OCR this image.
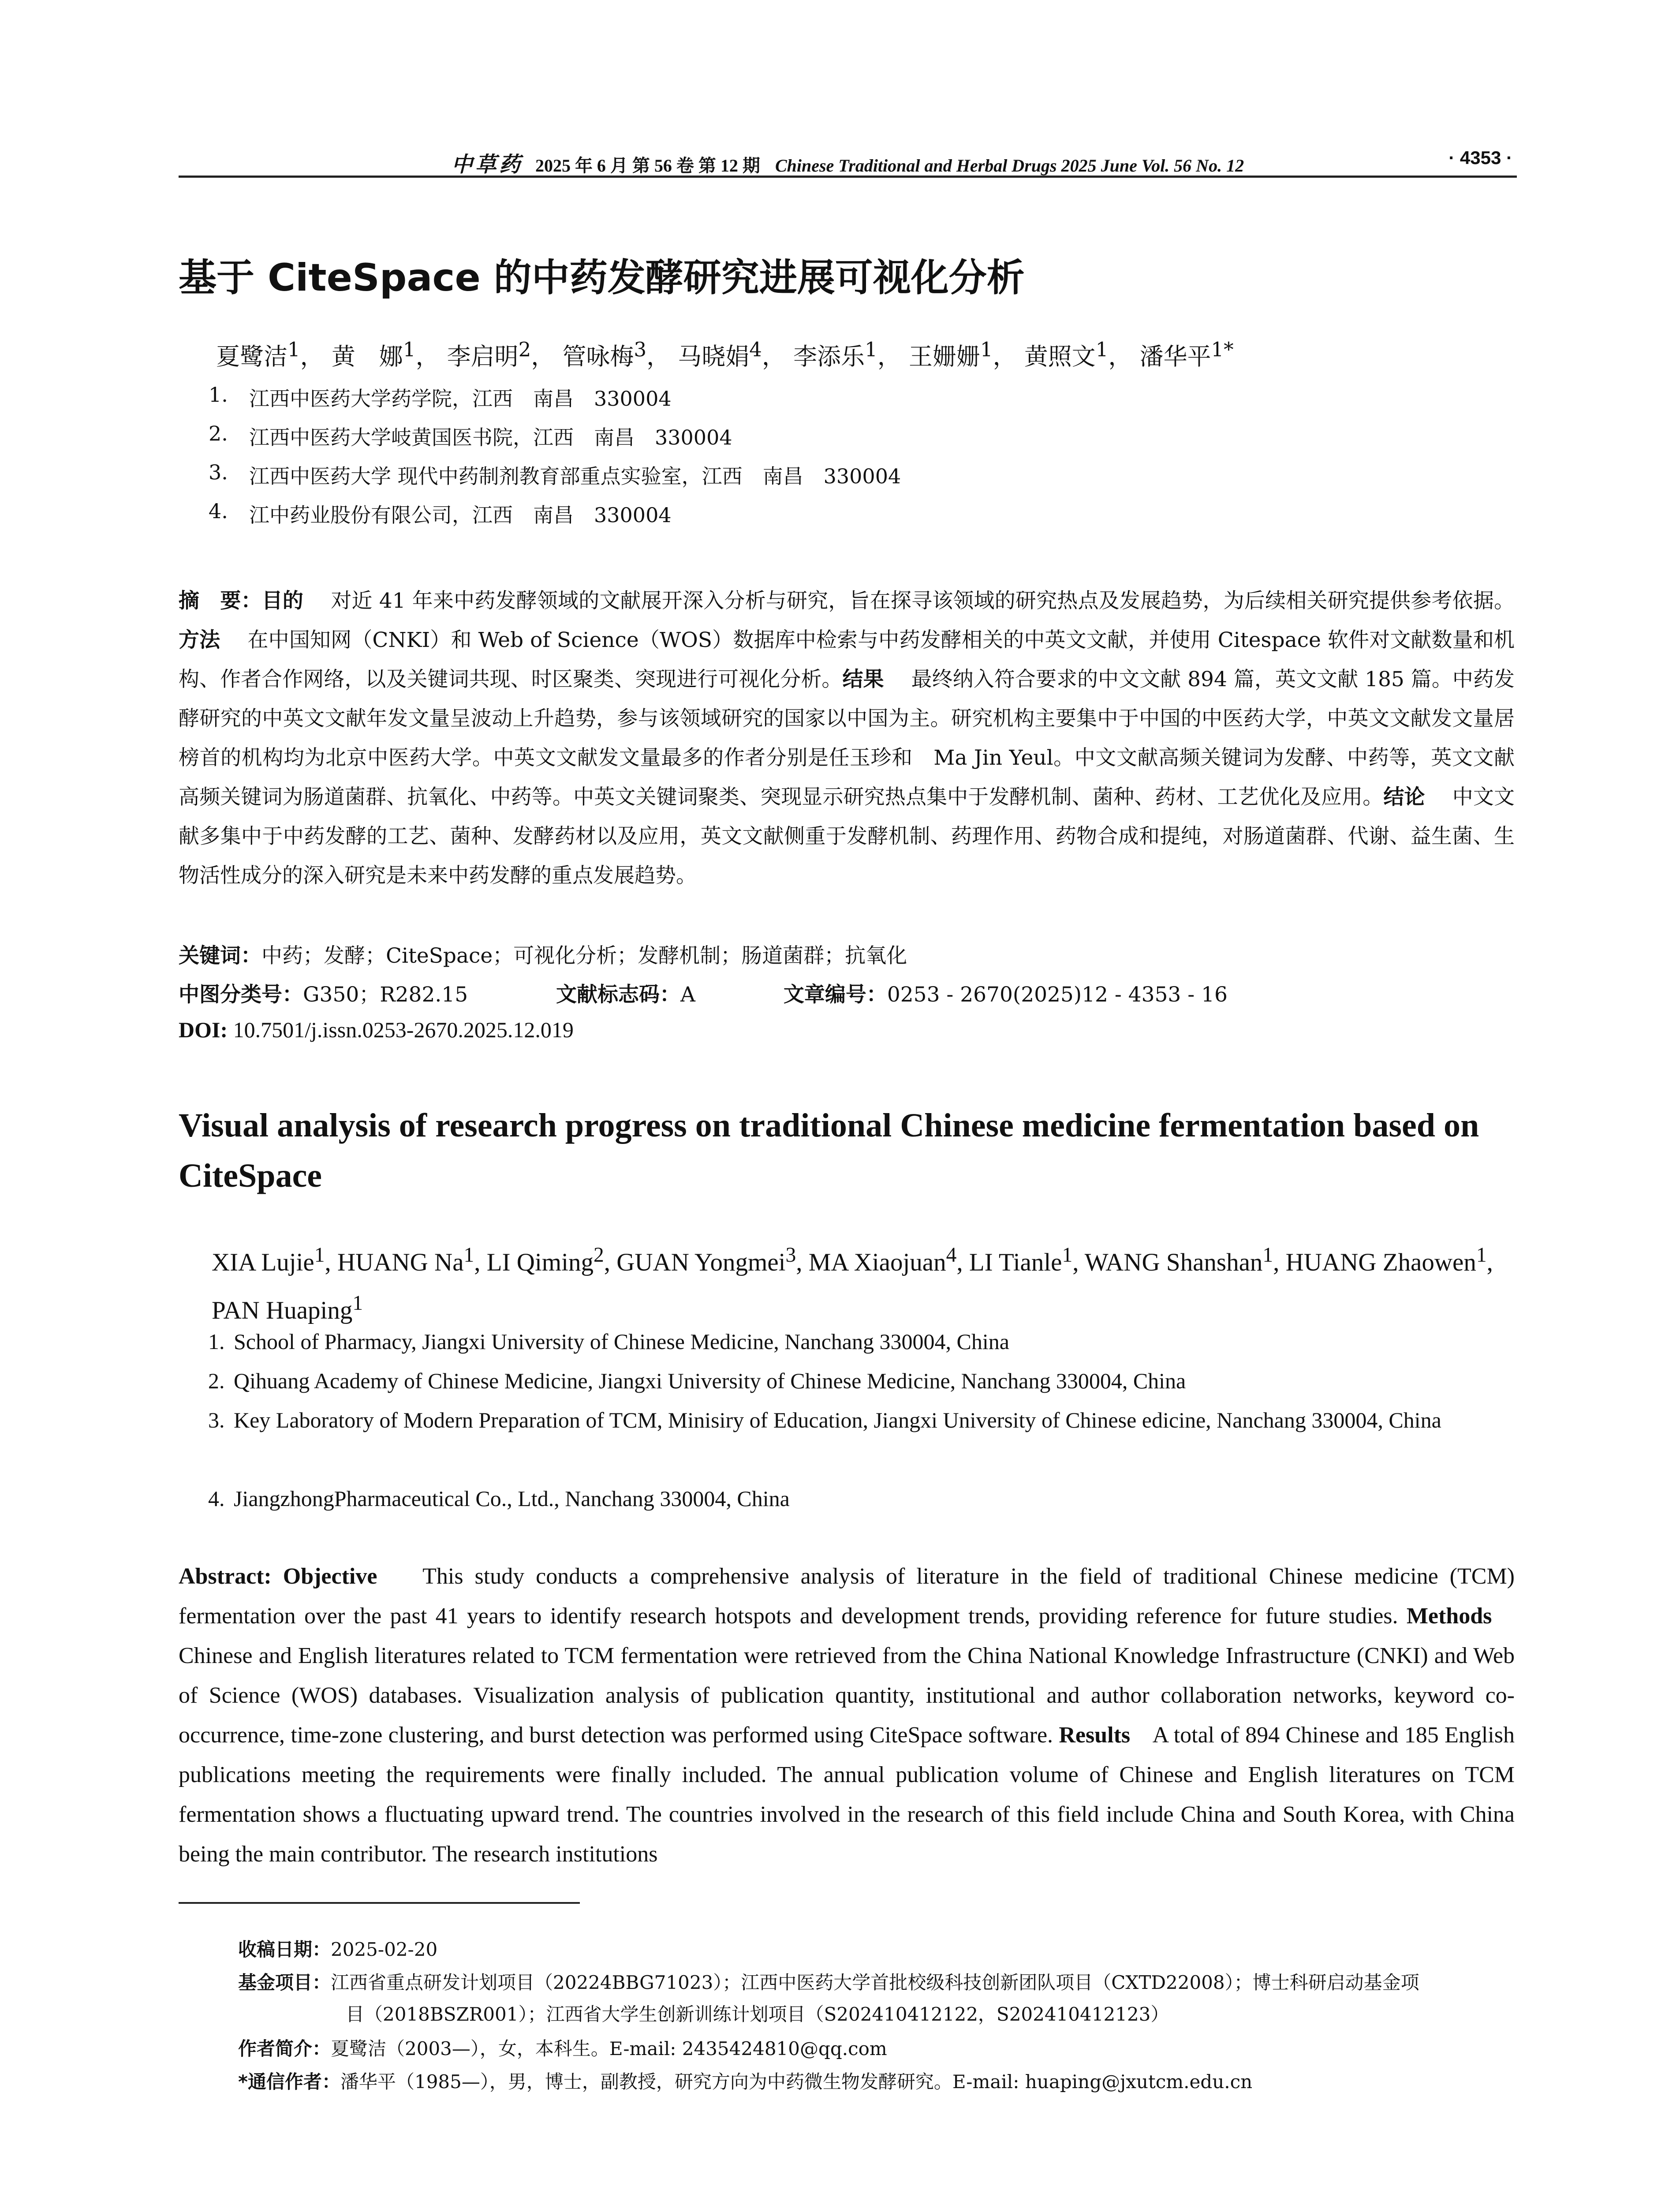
中草药 2025 年 6 月 第 56 卷 第 12 期 Chinese Traditional and Herbal Drugs 2025 June Vol. 56 No. 12	· 4353 ·
基于 CiteSpace 的中药发酵研究进展可视化分析
夏鹭洁$^1$， 黄　娜$^1$， 李启明$^2$， 管咏梅$^3$， 马晓娟$^4$， 李添乐$^1$， 王姗姗$^1$， 黄照文$^1$， 潘华平$^{1*}$
1. 江西中医药大学药学院，江西　南昌　330004
2. 江西中医药大学岐黄国医书院，江西　南昌　330004
3. 江西中医药大学 现代中药制剂教育部重点实验室，江西　南昌　330004
4. 江中药业股份有限公司，江西　南昌　330004
摘　要：目的　 对近 41 年来中药发酵领域的文献展开深入分析与研究，旨在探寻该领域的研究热点及发展趋势，为后续相关研究提供参考依据。方法　 在中国知网（CNKI）和 Web of Science（WOS）数据库中检索与中药发酵相关的中英文文献，并使用 Citespace 软件对文献数量和机构、作者合作网络，以及关键词共现、时区聚类、突现进行可视化分析。结果　 最终纳入符合要求的中文文献 894 篇，英文文献 185 篇。中药发酵研究的中英文文献年发文量呈波动上升趋势，参与该领域研究的国家以中国为主。研究机构主要集中于中国的中医药大学，中英文文献发文量居榜首的机构均为北京中医药大学。中英文文献发文量最多的作者分别是任玉珍和　Ma Jin Yeul。中文文献高频关键词为发酵、中药等，英文文献高频关键词为肠道菌群、抗氧化、中药等。中英文关键词聚类、突现显示研究热点集中于发酵机制、菌种、药材、工艺优化及应用。结论　 中文文献多集中于中药发酵的工艺、菌种、发酵药材以及应用，英文文献侧重于发酵机制、药理作用、药物合成和提纯，对肠道菌群、代谢、益生菌、生物活性成分的深入研究是未来中药发酵的重点发展趋势。
关键词：中药；发酵；CiteSpace；可视化分析；发酵机制；肠道菌群；抗氧化
中图分类号：G350；R282.15	文献标志码：A	文章编号：0253 - 2670(2025)12 - 4353 - 16
DOI: 10.7501/j.issn.0253-2670.2025.12.019
Visual analysis of research progress on traditional Chinese medicine fermentation based on CiteSpace
XIA Lujie$^1$, HUANG Na$^1$, LI Qiming$^2$, GUAN Yongmei$^3$, MA Xiaojuan$^4$, LI Tianle$^1$, WANG Shanshan$^1$, HUANG Zhaowen$^1$, PAN Huaping$^1$
1. School of Pharmacy, Jiangxi University of Chinese Medicine, Nanchang 330004, China
2. Qihuang Academy of Chinese Medicine, Jiangxi University of Chinese Medicine, Nanchang 330004, China
3. Key Laboratory of Modern Preparation of TCM, Minisiry of Education, Jiangxi University of Chinese edicine, Nanchang 330004, China
4. JiangzhongPharmaceutical Co., Ltd., Nanchang 330004, China
Abstract: Objective This study conducts a comprehensive analysis of literature in the field of traditional Chinese medicine (TCM) fermentation over the past 41 years to identify research hotspots and development trends, providing reference for future studies. Methods    Chinese and English literatures related to TCM fermentation were retrieved from the China National Knowledge Infrastructure (CNKI) and Web of Science (WOS) databases. Visualization analysis of publication quantity, institutional and author collaboration networks, keyword co-occurrence, time-zone clustering, and burst detection was performed using CiteSpace software. Results A total of 894 Chinese and 185 English publications meeting the requirements were finally included. The annual publication volume of Chinese and English literatures on TCM fermentation shows a fluctuating upward trend. The countries involved in the research of this field include China and South Korea, with China being the main contributor. The research institutions
收稿日期：2025-02-20
基金项目：江西省重点研发计划项目（20224BBG71023）；江西中医药大学首批校级科技创新团队项目（CXTD22008）；博士科研启动基金项
目（2018BSZR001）；江西省大学生创新训练计划项目（S202410412122，S202410412123）
作者简介：夏鹭洁（2003—），女，本科生。E-mail: 2435424810@qq.com
*通信作者：潘华平（1985—），男，博士，副教授，研究方向为中药微生物发酵研究。E-mail: huaping@jxutcm.edu.cn
